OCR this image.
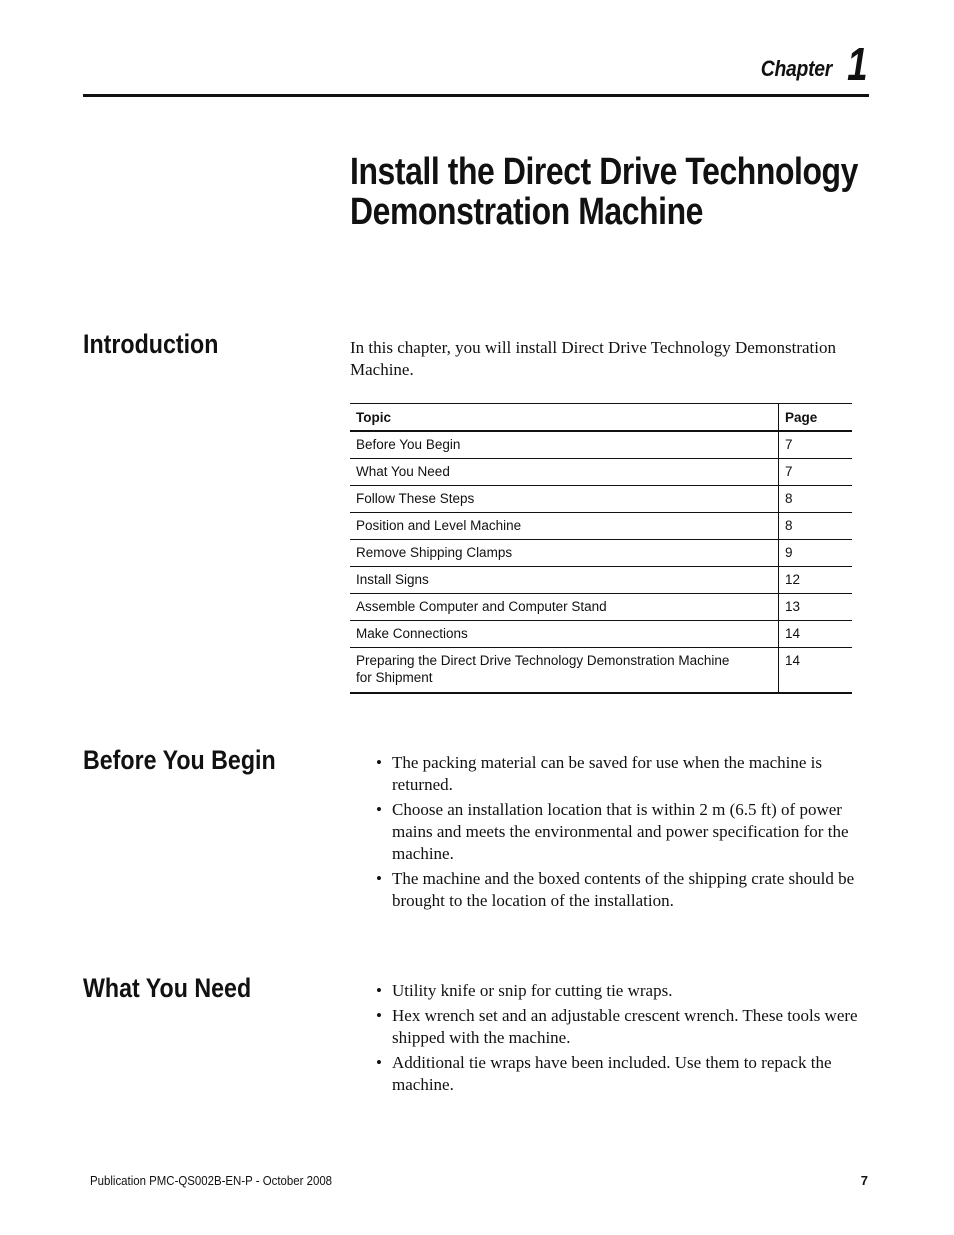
Chapter 1
Install the Direct Drive Technology
Demonstration Machine
Introduction	In this chapter, you will install Direct Drive Technology Demonstration Machine.
Topic	Page
Before You Begin	7
What You Need	7
Follow These Steps	8
Position and Level Machine	8
Remove Shipping Clamps	9
Install Signs	12
Assemble Computer and Computer Stand	13
Make Connections	14
Preparing the Direct Drive Technology Demonstration Machine for Shipment	14
Before You Begin	• The packing material can be saved for use when the machine is returned.
• Choose an installation location that is within 2 m (6.5 ft) of power mains and meets the environmental and power specification for the machine.
• The machine and the boxed contents of the shipping crate should be brought to the location of the installation.
What You Need	• Utility knife or snip for cutting tie wraps.
• Hex wrench set and an adjustable crescent wrench. These tools were shipped with the machine.
• Additional tie wraps have been included. Use them to repack the machine.
Publication PMC-QS002B-EN-P - October 2008	7
